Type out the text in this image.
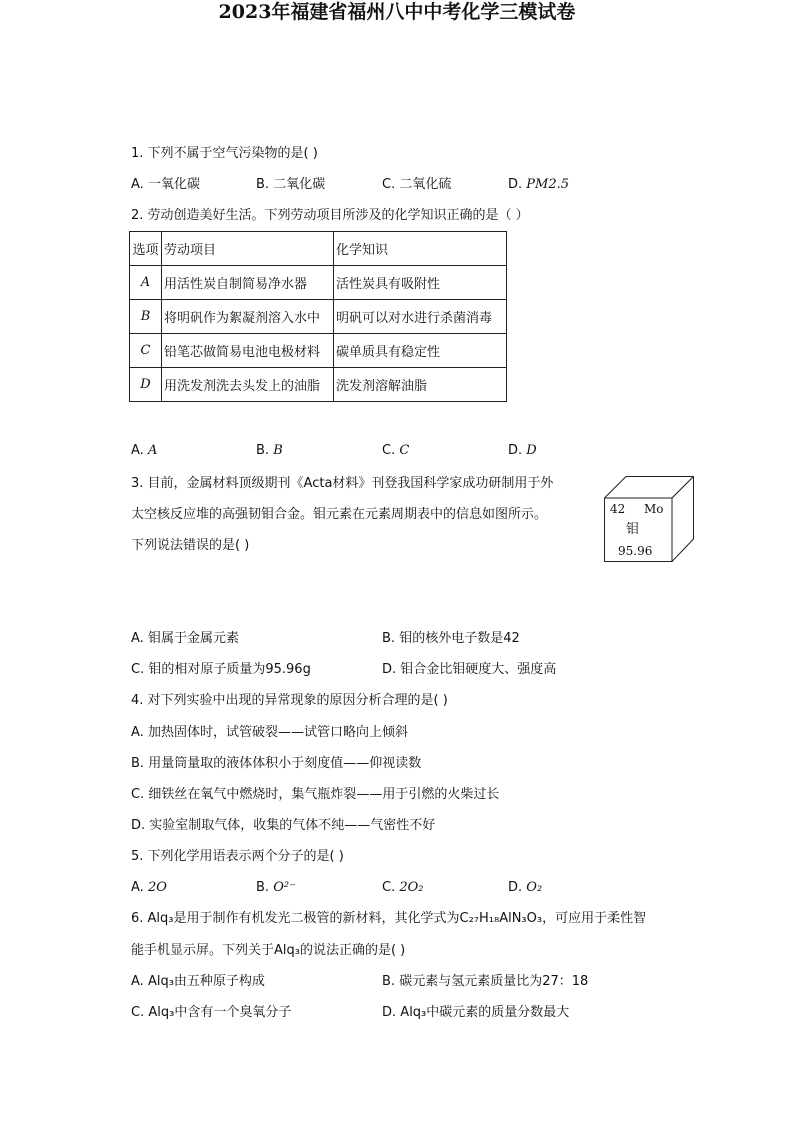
2023年福建省福州八中中考化学三模试卷
1. 下列不属于空气污染物的是( )
A. 一氧化碳	B. 二氧化碳	C. 二氧化硫	D. PM2.5
2. 劳动创造美好生活。下列劳动项目所涉及的化学知识正确的是（ ）
选项	劳动项目	化学知识
A	用活性炭自制简易净水器	活性炭具有吸附性
B	将明矾作为絮凝剂溶入水中	明矾可以对水进行杀菌消毒
C	铅笔芯做简易电池电极材料	碳单质具有稳定性
D	用洗发剂洗去头发上的油脂	洗发剂溶解油脂
A. A	B. B	C. C	D. D
3. 目前，金属材料顶级期刊《Acta材料》刊登我国科学家成功研制用于外
太空核反应堆的高强韧钼合金。钼元素在元素周期表中的信息如图所示。
下列说法错误的是( )
42 Mo
钼
95.96
A. 钼属于金属元素	B. 钼的核外电子数是42
C. 钼的相对原子质量为95.96g	D. 钼合金比钼硬度大、强度高
4. 对下列实验中出现的异常现象的原因分析合理的是( )
A. 加热固体时，试管破裂——试管口略向上倾斜
B. 用量筒量取的液体体积小于刻度值——仰视读数
C. 细铁丝在氧气中燃烧时，集气瓶炸裂——用于引燃的火柴过长
D. 实验室制取气体，收集的气体不纯——气密性不好
5. 下列化学用语表示两个分子的是( )
A. 2O	B. O²⁻	C. 2O₂	D. O₂
6. Alq₃是用于制作有机发光二极管的新材料，其化学式为C₂₇H₁₈AlN₃O₃，可应用于柔性智
能手机显示屏。下列关于Alq₃的说法正确的是( )
A. Alq₃由五种原子构成	B. 碳元素与氢元素质量比为27：18
C. Alq₃中含有一个臭氧分子	D. Alq₃中碳元素的质量分数最大
